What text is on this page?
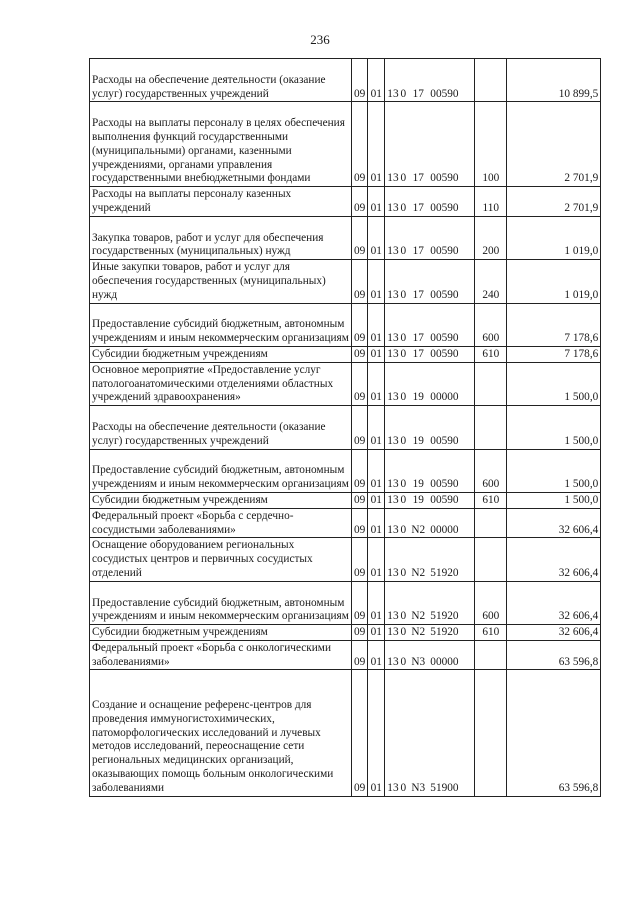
236
Расходы на обеспечение деятельности (оказание услуг) государственных учреждений	09	01	13 0 17 00590		10 899,5
Расходы на выплаты персоналу в целях обеспечения выполнения функций государственными (муниципальными) органами, казенными учреждениями, органами управления государственными внебюджетными фондами	09	01	13 0 17 00590	100	2 701,9
Расходы на выплаты персоналу казенных учреждений	09	01	13 0 17 00590	110	2 701,9
Закупка товаров, работ и услуг для обеспечения государственных (муниципальных) нужд	09	01	13 0 17 00590	200	1 019,0
Иные закупки товаров, работ и услуг для обеспечения государственных (муниципальных) нужд	09	01	13 0 17 00590	240	1 019,0
Предоставление субсидий бюджетным, автономным учреждениям и иным некоммерческим организациям	09	01	13 0 17 00590	600	7 178,6
Субсидии бюджетным учреждениям	09	01	13 0 17 00590	610	7 178,6
Основное мероприятие «Предоставление услуг патологоанатомическими отделениями областных учреждений здравоохранения»	09	01	13 0 19 00000		1 500,0
Расходы на обеспечение деятельности (оказание услуг) государственных учреждений	09	01	13 0 19 00590		1 500,0
Предоставление субсидий бюджетным, автономным учреждениям и иным некоммерческим организациям	09	01	13 0 19 00590	600	1 500,0
Субсидии бюджетным учреждениям	09	01	13 0 19 00590	610	1 500,0
Федеральный проект «Борьба с сердечно-сосудистыми заболеваниями»	09	01	13 0 N2 00000		32 606,4
Оснащение оборудованием региональных сосудистых центров и первичных сосудистых отделений	09	01	13 0 N2 51920		32 606,4
Предоставление субсидий бюджетным, автономным учреждениям и иным некоммерческим организациям	09	01	13 0 N2 51920	600	32 606,4
Субсидии бюджетным учреждениям	09	01	13 0 N2 51920	610	32 606,4
Федеральный проект «Борьба с онкологическими заболеваниями»	09	01	13 0 N3 00000		63 596,8
Создание и оснащение референс-центров для проведения иммуногистохимических, патоморфологических исследований и лучевых методов исследований, переоснащение сети региональных медицинских организаций, оказывающих помощь больным онкологическими заболеваниями	09	01	13 0 N3 51900		63 596,8
